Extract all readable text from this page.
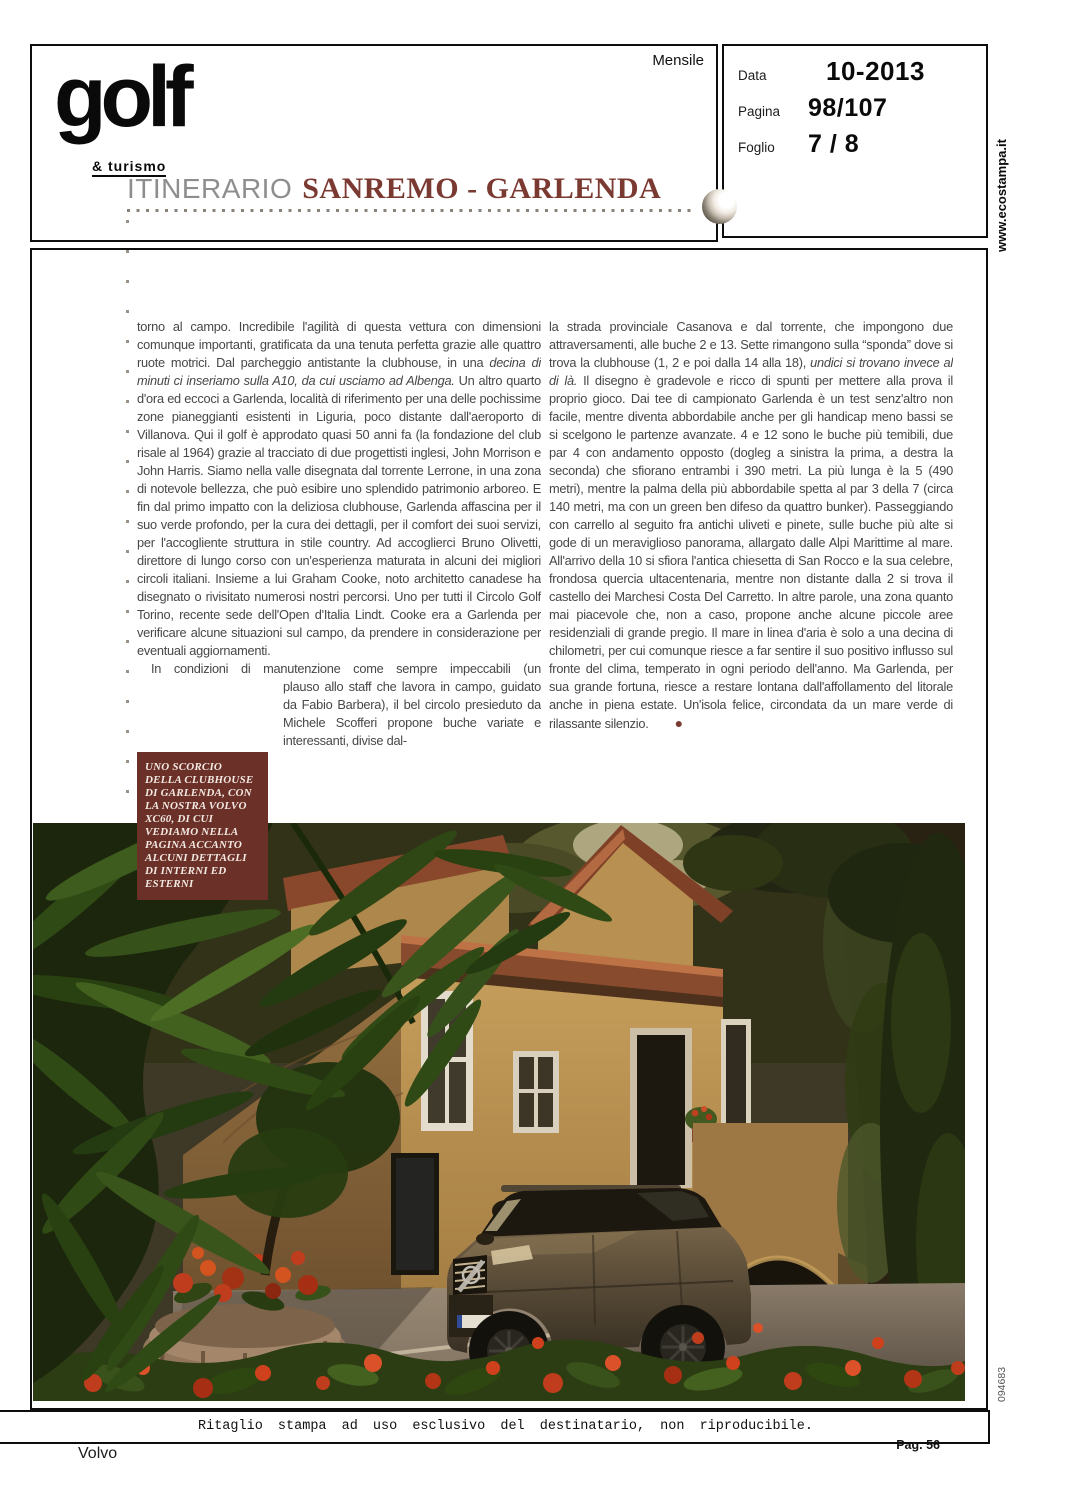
golf
& turismo
Mensile
Data	10-2013
Pagina	98/107
Foglio	7 / 8	www.ecostampa.it
094683
ITINERARIO SANREMO - GARLENDA

torno al campo. Incredibile l'agilità di questa vettura con dimensioni comunque importanti, gratificata da una tenuta perfetta grazie alle quattro ruote motrici. Dal parcheggio antistante la clubhouse, in una decina di minuti ci inseriamo sulla A10, da cui usciamo ad Albenga. Un altro quarto d'ora ed eccoci a Garlenda, località di riferimento per una delle pochissime zone pianeggianti esistenti in Liguria, poco distante dall'aeroporto di Villanova. Qui il golf è approdato quasi 50 anni fa (la fondazione del club risale al 1964) grazie al tracciato di due progettisti inglesi, John Morrison e John Harris. Siamo nella valle disegnata dal torrente Lerrone, in una zona di notevole bellezza, che può esibire uno splendido patrimonio arboreo. E fin dal primo impatto con la deliziosa clubhouse, Garlenda affascina per il suo verde profondo, per la cura dei dettagli, per il comfort dei suoi servizi, per l'accogliente struttura in stile country. Ad accoglierci Bruno Olivetti, direttore di lungo corso con un'esperienza maturata in alcuni dei migliori circoli italiani. Insieme a lui Graham Cooke, noto architetto canadese ha disegnato o rivisitato numerosi nostri percorsi. Uno per tutti il Circolo Golf Torino, recente sede dell'Open d'Italia Lindt. Cooke era a Garlenda per verificare alcune situazioni sul campo, da prendere in considerazione per eventuali aggiornamenti.

In condizioni di manutenzione come sempre impeccabili (un

plauso allo staff che lavora in campo, guidato da Fabio Barbera), il bel circolo presieduto da Michele Scofferi propone buche variate e interessanti, divise dal-

la strada provinciale Casanova e dal torrente, che impongono due attraversamenti, alle buche 2 e 13. Sette rimangono sulla “sponda” dove si trova la clubhouse (1, 2 e poi dalla 14 alla 18), undici si trovano invece al di là. Il disegno è gradevole e ricco di spunti per mettere alla prova il proprio gioco. Dai tee di campionato Garlenda è un test senz'altro non facile, mentre diventa abbordabile anche per gli handicap meno bassi se si scelgono le partenze avanzate. 4 e 12 sono le buche più temibili, due par 4 con andamento opposto (dogleg a sinistra la prima, a destra la seconda) che sfiorano entrambi i 390 metri. La più lunga è la 5 (490 metri), mentre la palma della più abbordabile spetta al par 3 della 7 (circa 140 metri, ma con un green ben difeso da quattro bunker). Passeggiando con carrello al seguito fra antichi uliveti e pinete, sulle buche più alte si gode di un meraviglioso panorama, allargato dalle Alpi Marittime al mare. All'arrivo della 10 si sfiora l'antica chiesetta di San Rocco e la sua celebre, frondosa quercia ultacentenaria, mentre non distante dalla 2 si trova il castello dei Marchesi Costa Del Carretto. In altre parole, una zona quanto mai piacevole che, non a caso, propone anche alcune piccole aree residenziali di grande pregio. Il mare in linea d'aria è solo a una decina di chilometri, per cui comunque riesce a far sentire il suo positivo influsso sul fronte del clima, temperato in ogni periodo dell'anno. Ma Garlenda, per sua grande fortuna, riesce a restare lontana dall'affollamento del litorale anche in piena estate. Un'isola felice, circondata da un mare verde di rilassante silenzio. ●

UNO SCORCIO DELLA CLUBHOUSE DI GARLENDA, CON LA NOSTRA VOLVO XC60, DI CUI VEDIAMO NELLA PAGINA ACCANTO ALCUNI DETTAGLI DI INTERNI ED ESTERNI

Ritaglio stampa ad uso esclusivo del destinatario, non riproducibile.
Volvo	Pag. 56
